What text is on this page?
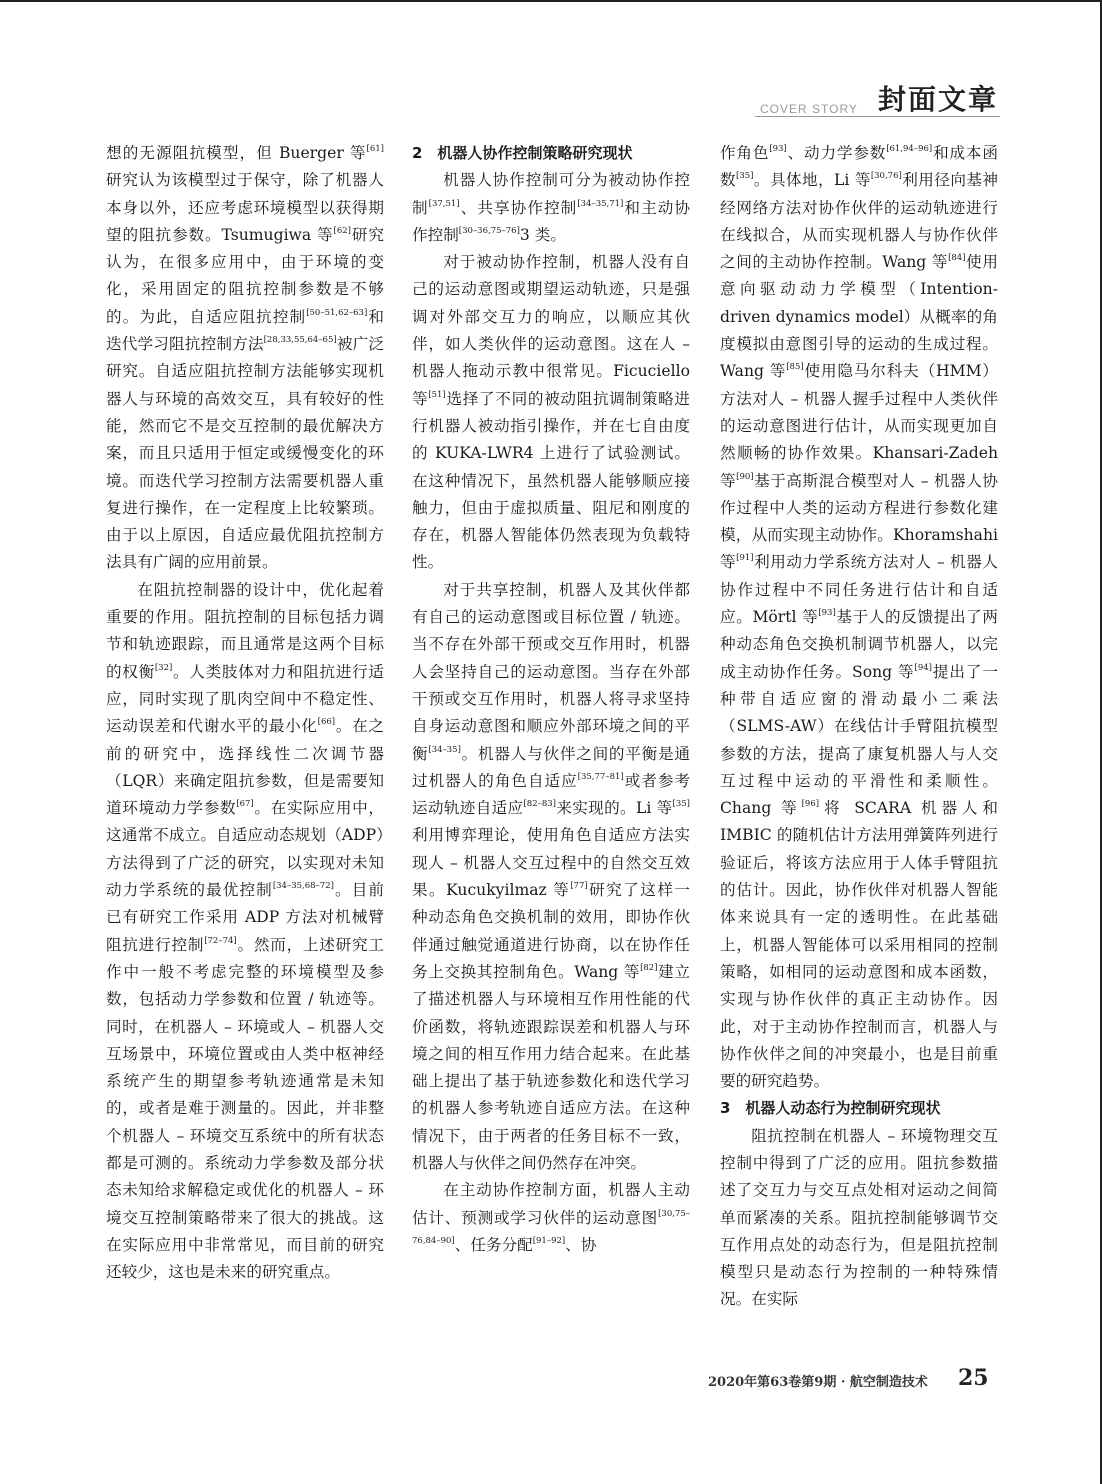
COVER STORY 封面文章

想的无源阻抗模型，但 Buerger 等[61]研究认为该模型过于保守，除了机器人本身以外，还应考虑环境模型以获得期望的阻抗参数。Tsumugiwa 等[62]研究认为，在很多应用中，由于环境的变化，采用固定的阻抗控制参数是不够的。为此，自适应阻抗控制[50–51,62–63]和迭代学习阻抗控制方法[28,33,55,64–65]被广泛研究。自适应阻抗控制方法能够实现机器人与环境的高效交互，具有较好的性能，然而它不是交互控制的最优解决方案，而且只适用于恒定或缓慢变化的环境。而迭代学习控制方法需要机器人重复进行操作，在一定程度上比较繁琐。由于以上原因，自适应最优阻抗控制方法具有广阔的应用前景。

在阻抗控制器的设计中，优化起着重要的作用。阻抗控制的目标包括力调节和轨迹跟踪，而且通常是这两个目标的权衡[32]。人类肢体对力和阻抗进行适应，同时实现了肌肉空间中不稳定性、运动误差和代谢水平的最小化[66]。在之前的研究中，选择线性二次调节器（LQR）来确定阻抗参数，但是需要知道环境动力学参数[67]。在实际应用中，这通常不成立。自适应动态规划（ADP）方法得到了广泛的研究，以实现对未知动力学系统的最优控制[34–35,68–72]。目前已有研究工作采用 ADP 方法对机械臂阻抗进行控制[72–74]。然而，上述研究工作中一般不考虑完整的环境模型及参数，包括动力学参数和位置 / 轨迹等。同时，在机器人 – 环境或人 – 机器人交互场景中，环境位置或由人类中枢神经系统产生的期望参考轨迹通常是未知的，或者是难于测量的。因此，并非整个机器人 – 环境交互系统中的所有状态都是可测的。系统动力学参数及部分状态未知给求解稳定或优化的机器人 – 环境交互控制策略带来了很大的挑战。这在实际应用中非常常见，而目前的研究还较少，这也是未来的研究重点。

2　机器人协作控制策略研究现状

机器人协作控制可分为被动协作控制[37,51]、共享协作控制[34–35,71]和主动协作控制[30–36,75–76]3 类。

对于被动协作控制，机器人没有自己的运动意图或期望运动轨迹，只是强调对外部交互力的响应，以顺应其伙伴，如人类伙伴的运动意图。这在人 – 机器人拖动示教中很常见。Ficuciello 等[51]选择了不同的被动阻抗调制策略进行机器人被动指引操作，并在七自由度的 KUKA-LWR4 上进行了试验测试。在这种情况下，虽然机器人能够顺应接触力，但由于虚拟质量、阻尼和刚度的存在，机器人智能体仍然表现为负载特性。

对于共享控制，机器人及其伙伴都有自己的运动意图或目标位置 / 轨迹。当不存在外部干预或交互作用时，机器人会坚持自己的运动意图。当存在外部干预或交互作用时，机器人将寻求坚持自身运动意图和顺应外部环境之间的平衡[34–35]。机器人与伙伴之间的平衡是通过机器人的角色自适应[35,77–81]或者参考运动轨迹自适应[82–83]来实现的。Li 等[35]利用博弈理论，使用角色自适应方法实现人 – 机器人交互过程中的自然交互效果。Kucukyilmaz 等[77]研究了这样一种动态角色交换机制的效用，即协作伙伴通过触觉通道进行协商，以在协作任务上交换其控制角色。Wang 等[82]建立了描述机器人与环境相互作用性能的代价函数，将轨迹跟踪误差和机器人与环境之间的相互作用力结合起来。在此基础上提出了基于轨迹参数化和迭代学习的机器人参考轨迹自适应方法。在这种情况下，由于两者的任务目标不一致，机器人与伙伴之间仍然存在冲突。

在主动协作控制方面，机器人主动估计、预测或学习伙伴的运动意图[30,75–76,84–90]、任务分配[91–92]、协

作角色[93]、动力学参数[61,94–96]和成本函数[35]。具体地，Li 等[30,76]利用径向基神经网络方法对协作伙伴的运动轨迹进行在线拟合，从而实现机器人与协作伙伴之间的主动协作控制。Wang 等[84]使用意向驱动动力学模型（Intention-driven dynamics model）从概率的角度模拟由意图引导的运动的生成过程。Wang 等[85]使用隐马尔科夫（HMM）方法对人 – 机器人握手过程中人类伙伴的运动意图进行估计，从而实现更加自然顺畅的协作效果。Khansari-Zadeh 等[90]基于高斯混合模型对人 – 机器人协作过程中人类的运动方程进行参数化建模，从而实现主动协作。Khoramshahi 等[91]利用动力学系统方法对人 – 机器人协作过程中不同任务进行估计和自适应。Mörtl 等[93]基于人的反馈提出了两种动态角色交换机制调节机器人，以完成主动协作任务。Song 等[94]提出了一种带自适应窗的滑动最小二乘法（SLMS-AW）在线估计手臂阻抗模型参数的方法，提高了康复机器人与人交互过程中运动的平滑性和柔顺性。Chang 等[96]将 SCARA 机器人和 IMBIC 的随机估计方法用弹簧阵列进行验证后，将该方法应用于人体手臂阻抗的估计。因此，协作伙伴对机器人智能体来说具有一定的透明性。在此基础上，机器人智能体可以采用相同的控制策略，如相同的运动意图和成本函数，实现与协作伙伴的真正主动协作。因此，对于主动协作控制而言，机器人与协作伙伴之间的冲突最小，也是目前重要的研究趋势。

3　机器人动态行为控制研究现状

阻抗控制在机器人 – 环境物理交互控制中得到了广泛的应用。阻抗参数描述了交互力与交互点处相对运动之间简单而紧凑的关系。阻抗控制能够调节交互作用点处的动态行为，但是阻抗控制模型只是动态行为控制的一种特殊情况。在实际

2020年第63卷第9期 · 航空制造技术 25
